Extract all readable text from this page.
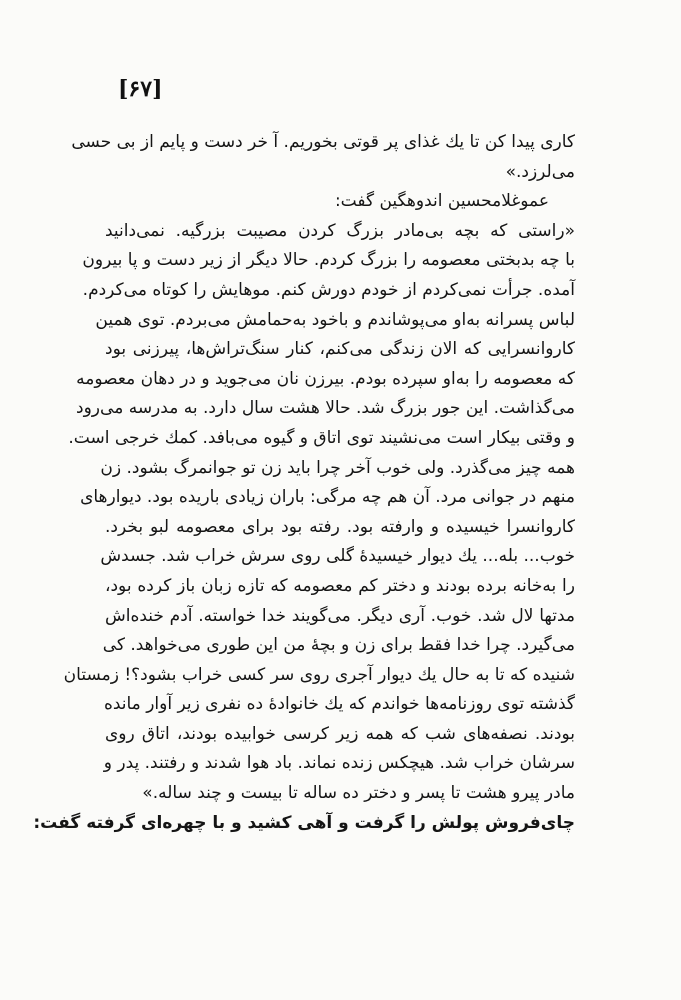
[۶۷]
کاری پیدا کن تا یك غذای پر قوتی بخوریم. آ خر دست و پایم از بی حسی
می‌لرزد.»
عموغلامحسین اندوهگین گفت:
«راستی که بچه بی‌مادر بزرگ کردن مصیبت بزرگیه. نمی‌دانید
با چه بدبختی معصومه را بزرگ کردم. حالا دیگر از زیر دست و پا بیرون
آمده. جرأت نمی‌کردم از خودم دورش کنم. موهایش را کوتاه می‌کردم.
لباس پسرانه به‌او می‌پوشاندم و باخود به‌حمامش می‌بردم. توی همین
کاروانسرایی که الان زندگی می‌کنم، کنار سنگ‌تراش‌ها، پیرزنی بود
که معصومه را به‌او سپرده بودم. بیرزن نان می‌جوید و در دهان معصومه
می‌گذاشت. این جور بزرگ شد. حالا هشت سال دارد. به مدرسه می‌رود
و وقتی بیکار است می‌نشیند توی اتاق و گیوه می‌بافد. کمك خرجی است.
همه چیز می‌گذرد. ولی خوب آخر چرا باید زن تو جوانمرگ بشود. زن
منهم در جوانی مرد. آن هم چه مرگی: باران زیادی باریده بود. دیوارهای
کاروانسرا خیسیده و وارفته بود. رفته بود برای معصومه لبو بخرد.
خوب... بله... یك دیوار خیسیدهٔ گلی روی سرش خراب شد. جسدش
را به‌خانه برده بودند و دختر کم معصومه که تازه زبان باز کرده بود،
مدتها لال شد. خوب. آری دیگر. می‌گویند خدا خواسته. آدم خنده‌اش
می‌گیرد. چرا خدا فقط برای زن و بچهٔ من این طوری می‌خواهد. کی
شنیده که تا به حال یك دیوار آجری روی سر کسی خراب بشود؟! زمستان
گذشته توی روزنامه‌ها خواندم که یك خانوادهٔ ده نفری زیر آوار مانده
بودند. نصفه‌های شب که همه زیر کرسی خوابیده بودند، اتاق روی
سرشان خراب شد. هیچکس زنده نماند. باد هوا شدند و رفتند. پدر و
مادر پیرو هشت تا پسر و دختر ده ساله تا بیست و چند ساله.»
چای‌فروش پولش را گرفت و آهی کشید و با چهره‌ای گرفته گفت:
